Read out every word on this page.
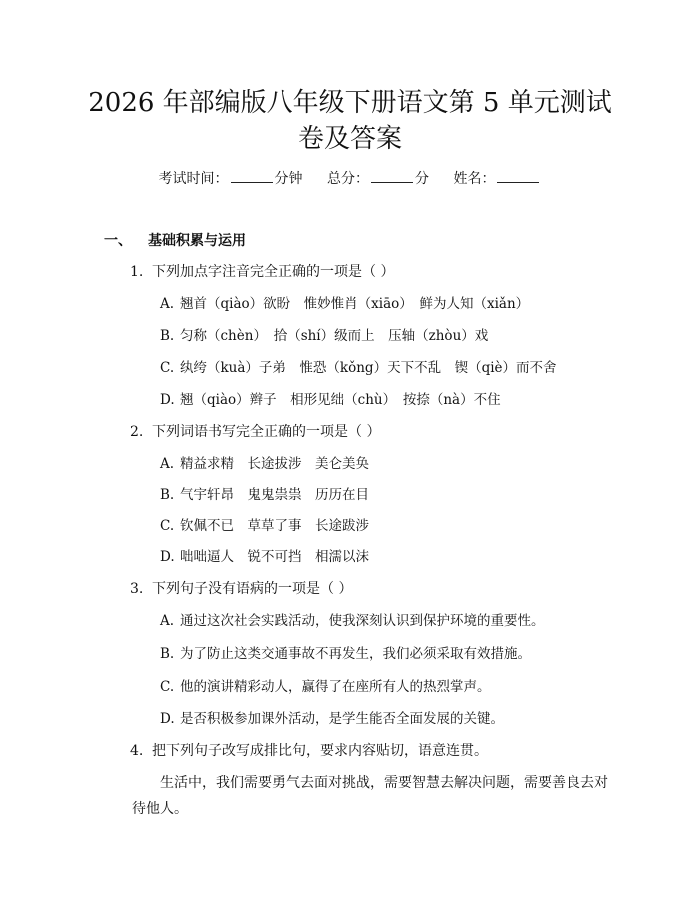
2026 年部编版八年级下册语文第 5 单元测试
卷及答案
考试时间：	分钟 总分：	分 姓名：
一、 基础积累与运用
1. 下列加点字注音完全正确的一项是（ ）
A. 翘首（qiào）欲盼　惟妙惟肖（xiāo）　鲜为人知（xiǎn）
B. 匀称（chèn）　拾（shí）级而上　压轴（zhòu）戏
C. 纨绔（kuà）子弟　惟恐（kǒng）天下不乱　锲（qiè）而不舍
D. 翘（qiào）辫子　相形见绌（chù）　按捺（nà）不住
2. 下列词语书写完全正确的一项是（ ）
A. 精益求精　长途拔涉　美仑美奂
B. 气宇轩昂　鬼鬼祟祟　历历在目
C. 钦佩不已　草草了事　长途跋涉
D. 咄咄逼人　锐不可挡　相濡以沫
3. 下列句子没有语病的一项是（ ）
A. 通过这次社会实践活动，使我深刻认识到保护环境的重要性。
B. 为了防止这类交通事故不再发生，我们必须采取有效措施。
C. 他的演讲精彩动人，赢得了在座所有人的热烈掌声。
D. 是否积极参加课外活动，是学生能否全面发展的关键。
4. 把下列句子改写成排比句，要求内容贴切，语意连贯。
生活中，我们需要勇气去面对挑战，需要智慧去解决问题，需要善良去对待他人。
